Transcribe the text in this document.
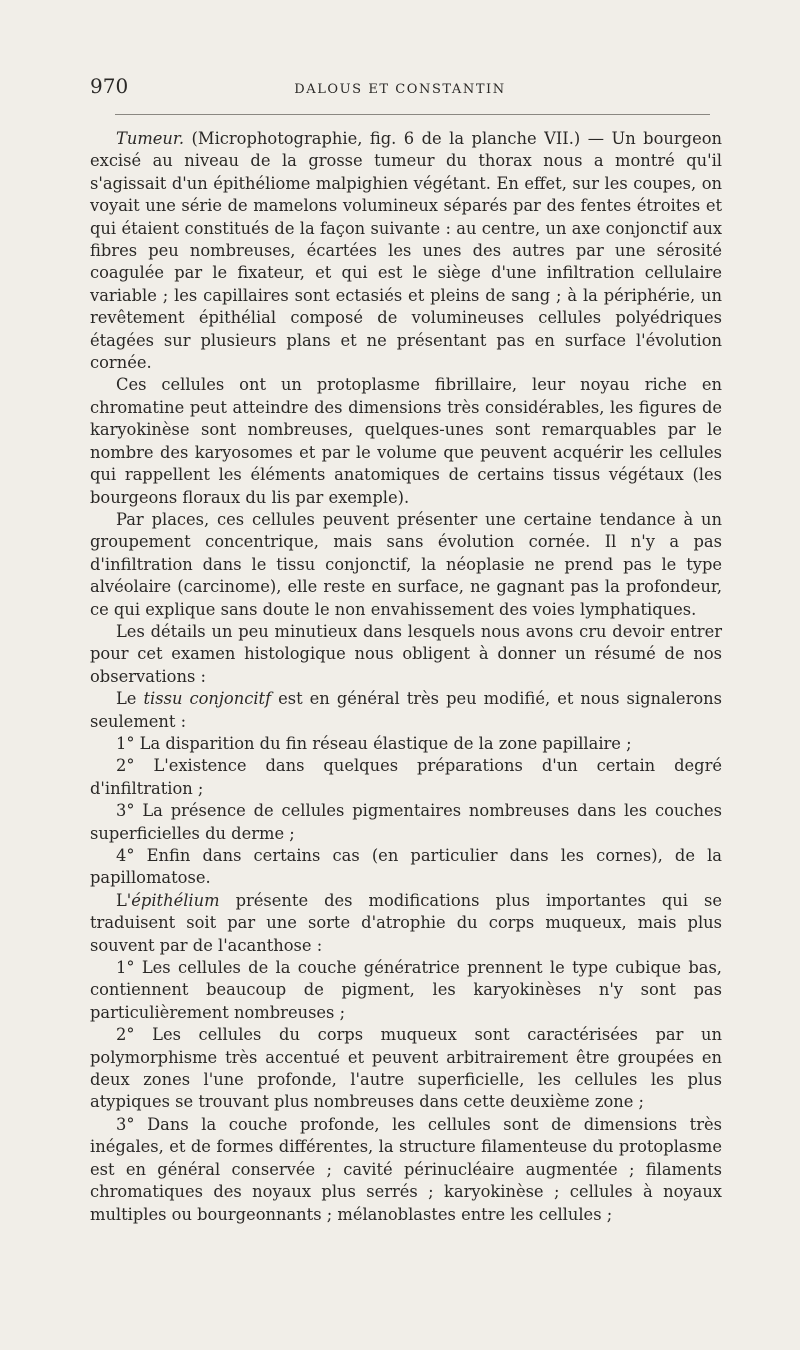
970	DALOUS ET CONSTANTIN

Tumeur. (Microphotographie, fig. 6 de la planche VII.) — Un bourgeon excisé au niveau de la grosse tumeur du thorax nous a montré qu'il s'agissait d'un épithéliome malpighien végétant. En effet, sur les coupes, on voyait une série de mamelons volumineux séparés par des fentes étroites et qui étaient constitués de la façon suivante : au centre, un axe conjonctif aux fibres peu nombreuses, écartées les unes des autres par une sérosité coagulée par le fixateur, et qui est le siège d'une infiltration cellulaire variable ; les capillaires sont ectasiés et pleins de sang ; à la périphérie, un revêtement épithélial composé de volumineuses cellules polyédriques étagées sur plusieurs plans et ne présentant pas en surface l'évolution cornée.

Ces cellules ont un protoplasme fibrillaire, leur noyau riche en chromatine peut atteindre des dimensions très considérables, les figures de karyokinèse sont nombreuses, quelques-unes sont remarquables par le nombre des karyosomes et par le volume que peuvent acquérir les cellules qui rappellent les éléments anatomiques de certains tissus végétaux (les bourgeons floraux du lis par exemple).

Par places, ces cellules peuvent présenter une certaine tendance à un groupement concentrique, mais sans évolution cornée. Il n'y a pas d'infiltration dans le tissu conjonctif, la néoplasie ne prend pas le type alvéolaire (carcinome), elle reste en surface, ne gagnant pas la profondeur, ce qui explique sans doute le non envahissement des voies lymphatiques.

Les détails un peu minutieux dans lesquels nous avons cru devoir entrer pour cet examen histologique nous obligent à donner un résumé de nos observations :

Le tissu conjoncitf est en général très peu modifié, et nous signalerons seulement :

1° La disparition du fin réseau élastique de la zone papillaire ;

2° L'existence dans quelques préparations d'un certain degré d'infiltration ;

3° La présence de cellules pigmentaires nombreuses dans les couches superficielles du derme ;

4° Enfin dans certains cas (en particulier dans les cornes), de la papillomatose.

L'épithélium présente des modifications plus importantes qui se traduisent soit par une sorte d'atrophie du corps muqueux, mais plus souvent par de l'acanthose :

1° Les cellules de la couche génératrice prennent le type cubique bas, contiennent beaucoup de pigment, les karyokinèses n'y sont pas particulièrement nombreuses ;

2° Les cellules du corps muqueux sont caractérisées par un polymorphisme très accentué et peuvent arbitrairement être groupées en deux zones l'une profonde, l'autre superficielle, les cellules les plus atypiques se trouvant plus nombreuses dans cette deuxième zone ;

3° Dans la couche profonde, les cellules sont de dimensions très inégales, et de formes différentes, la structure filamenteuse du protoplasme est en général conservée ; cavité périnucléaire augmentée ; filaments chromatiques des noyaux plus serrés ; karyokinèse ; cellules à noyaux multiples ou bourgeonnants ; mélanoblastes entre les cellules ;
